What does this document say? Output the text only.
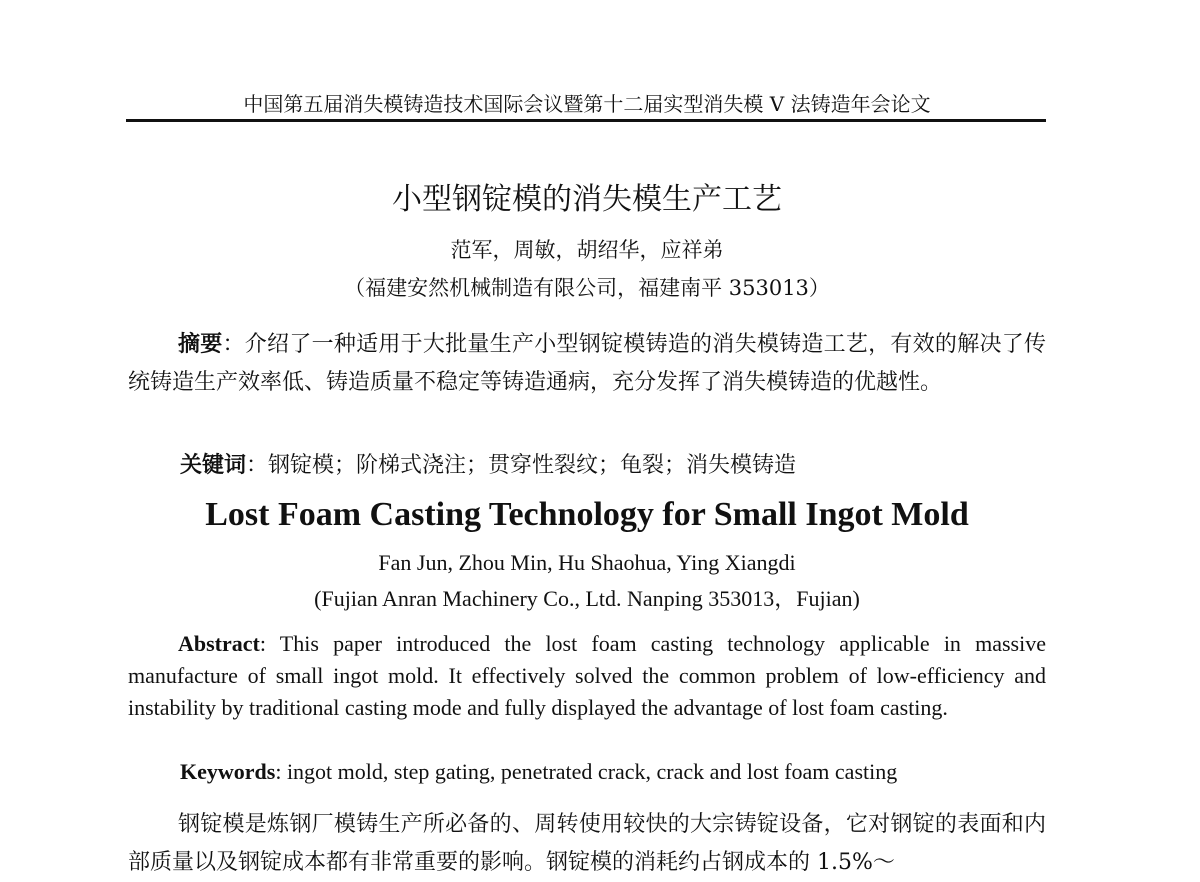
中国第五届消失模铸造技术国际会议暨第十二届实型消失模 V 法铸造年会论文
小型钢锭模的消失模生产工艺
范军，周敏，胡绍华，应祥弟
（福建安然机械制造有限公司，福建南平 353013）
摘要：介绍了一种适用于大批量生产小型钢锭模铸造的消失模铸造工艺，有效的解决了传统铸造生产效率低、铸造质量不稳定等铸造通病，充分发挥了消失模铸造的优越性。
关键词：钢锭模；阶梯式浇注；贯穿性裂纹；龟裂；消失模铸造
Lost Foam Casting Technology for Small Ingot Mold
Fan Jun, Zhou Min, Hu Shaohua, Ying Xiangdi
(Fujian Anran Machinery Co., Ltd. Nanping 353013，Fujian)
Abstract: This paper introduced the lost foam casting technology applicable in massive manufacture of small ingot mold. It effectively solved the common problem of low-efficiency and instability by traditional casting mode and fully displayed the advantage of lost foam casting.
Keywords: ingot mold, step gating, penetrated crack, crack and lost foam casting
钢锭模是炼钢厂模铸生产所必备的、周转使用较快的大宗铸锭设备，它对钢锭的表面和内部质量以及钢锭成本都有非常重要的影响。钢锭模的消耗约占钢成本的 1.5%～
